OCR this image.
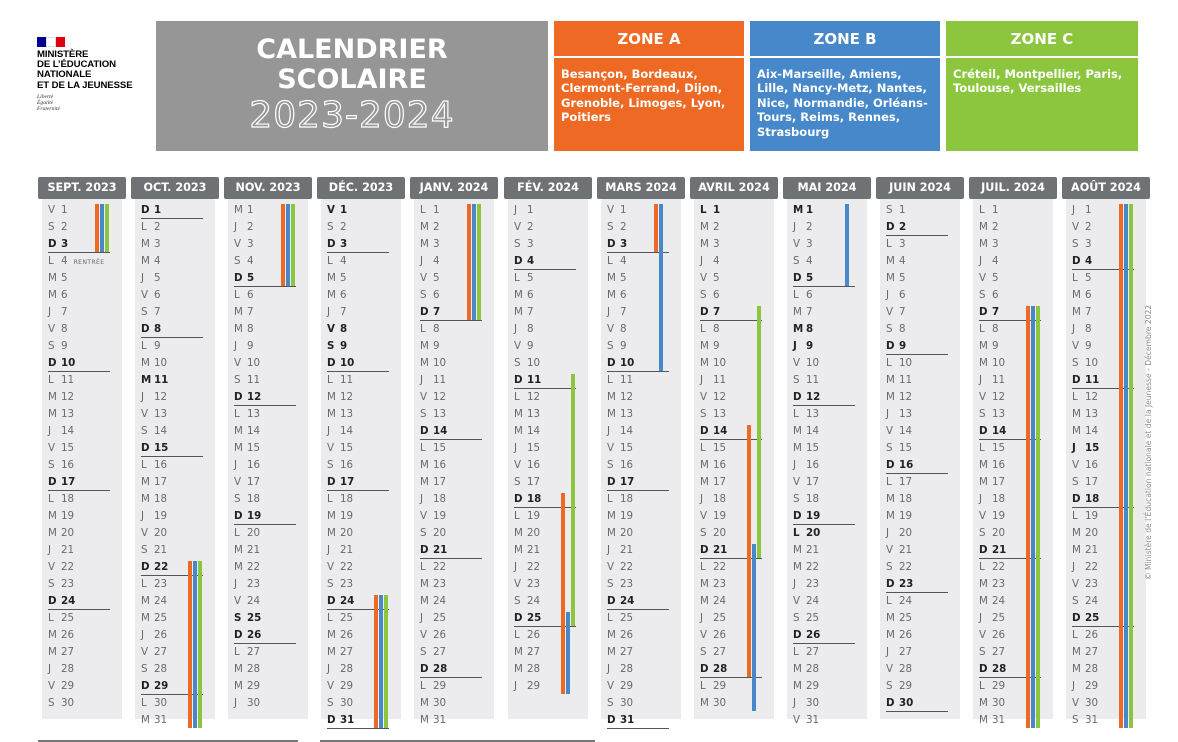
MINISTÈRE
DE L’ÉDUCATION
NATIONALE
ET DE LA JEUNESSE
Liberté
Égalité
Fraternité
CALENDRIER
SCOLAIRE
2023-2024
ZONE A
Besançon, Bordeaux, Clermont-Ferrand, Dijon, Grenoble, Limoges, Lyon, Poitiers
ZONE B
Aix-Marseille, Amiens, Lille, Nancy-Metz, Nantes, Nice, Normandie, Orléans-Tours, Reims, Rennes, Strasbourg
ZONE C
Créteil, Montpellier, Paris, Toulouse, Versailles
SEPT. 2023
V 1
S 2
D 3
L 4 RENTRÉE
M 5
M 6
J 7
V 8
S 9
D 10
L 11
M 12
M 13
J 14
V 15
S 16
D 17
L 18
M 19
M 20
J 21
V 22
S 23
D 24
L 25
M 26
M 27
J 28
V 29
S 30
OCT. 2023
D 1
L 2
M 3
M 4
J 5
V 6
S 7
D 8
L 9
M 10
M 11
J 12
V 13
S 14
D 15
L 16
M 17
M 18
J 19
V 20
S 21
D 22
L 23
M 24
M 25
J 26
V 27
S 28
D 29
L 30
M 31
NOV. 2023
M 1
J 2
V 3
S 4
D 5
L 6
M 7
M 8
J 9
V 10
S 11
D 12
L 13
M 14
M 15
J 16
V 17
S 18
D 19
L 20
M 21
M 22
J 23
V 24
S 25
D 26
L 27
M 28
M 29
J 30
DÉC. 2023
V 1
S 2
D 3
L 4
M 5
M 6
J 7
V 8
S 9
D 10
L 11
M 12
M 13
J 14
V 15
S 16
D 17
L 18
M 19
M 20
J 21
V 22
S 23
D 24
L 25
M 26
M 27
J 28
V 29
S 30
D 31
JANV. 2024
L 1
M 2
M 3
J 4
V 5
S 6
D 7
L 8
M 9
M 10
J 11
V 12
S 13
D 14
L 15
M 16
M 17
J 18
V 19
S 20
D 21
L 22
M 23
M 24
J 25
V 26
S 27
D 28
L 29
M 30
M 31
FÉV. 2024
J 1
V 2
S 3
D 4
L 5
M 6
M 7
J 8
V 9
S 10
D 11
L 12
M 13
M 14
J 15
V 16
S 17
D 18
L 19
M 20
M 21
J 22
V 23
S 24
D 25
L 26
M 27
M 28
J 29
MARS 2024
V 1
S 2
D 3
L 4
M 5
M 6
J 7
V 8
S 9
D 10
L 11
M 12
M 13
J 14
V 15
S 16
D 17
L 18
M 19
M 20
J 21
V 22
S 23
D 24
L 25
M 26
M 27
J 28
V 29
S 30
D 31
AVRIL 2024
L 1
M 2
M 3
J 4
V 5
S 6
D 7
L 8
M 9
M 10
J 11
V 12
S 13
D 14
L 15
M 16
M 17
J 18
V 19
S 20
D 21
L 22
M 23
M 24
J 25
V 26
S 27
D 28
L 29
M 30
MAI 2024
M 1
J 2
V 3
S 4
D 5
L 6
M 7
M 8
J 9
V 10
S 11
D 12
L 13
M 14
M 15
J 16
V 17
S 18
D 19
L 20
M 21
M 22
J 23
V 24
S 25
D 26
L 27
M 28
M 29
J 30
V 31
JUIN 2024
S 1
D 2
L 3
M 4
M 5
J 6
V 7
S 8
D 9
L 10
M 11
M 12
J 13
V 14
S 15
D 16
L 17
M 18
M 19
J 20
V 21
S 22
D 23
L 24
M 25
M 26
J 27
V 28
S 29
D 30
JUIL. 2024
L 1
M 2
M 3
J 4
V 5
S 6
D 7
L 8
M 9
M 10
J 11
V 12
S 13
D 14
L 15
M 16
M 17
J 18
V 19
S 20
D 21
L 22
M 23
M 24
J 25
V 26
S 27
D 28
L 29
M 30
M 31
AOÛT 2024
J 1
V 2
S 3
D 4
L 5
M 6
M 7
J 8
V 9
S 10
D 11
L 12
M 13
M 14
J 15
V 16
S 17
D 18
L 19
M 20
M 21
J 22
V 23
S 24
D 25
L 26
M 27
M 28
J 29
V 30
S 31
© Ministère de l’Éducation nationale et de la Jeunesse - Décembre 2022
